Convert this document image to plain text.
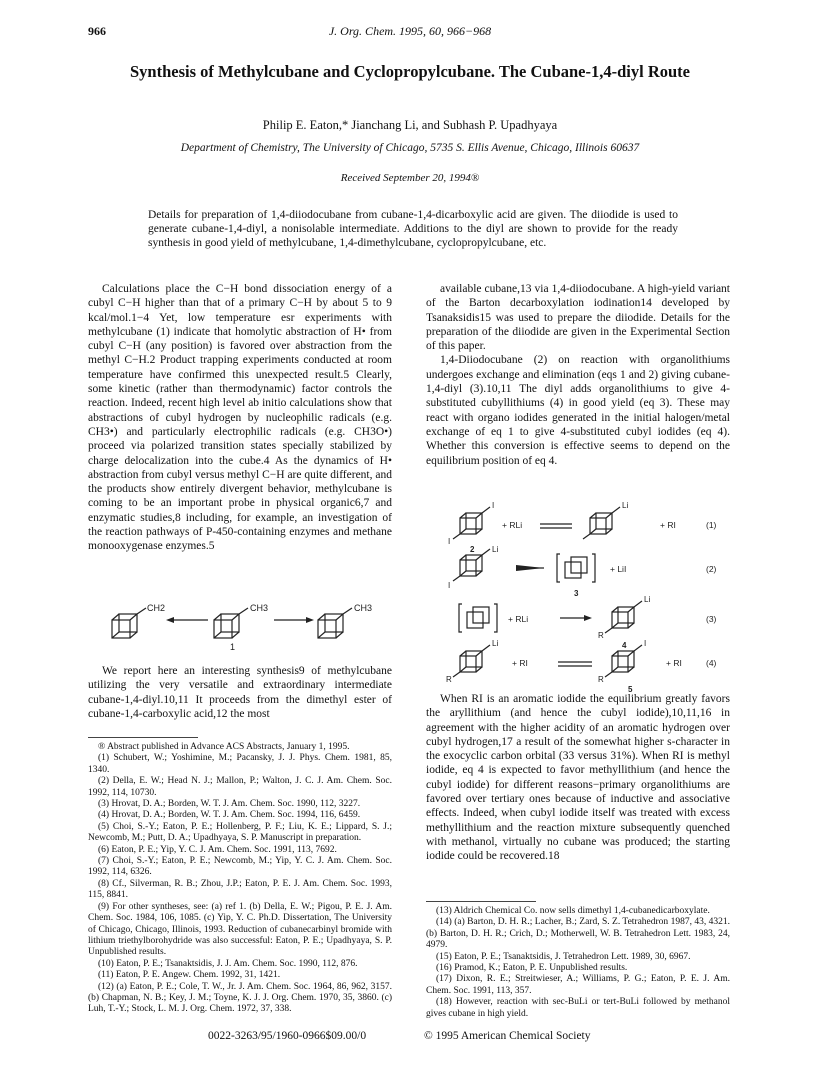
966	J. Org. Chem. 1995, 60, 966−968
Synthesis of Methylcubane and Cyclopropylcubane. The Cubane-1,4-diyl Route
Philip E. Eaton,* Jianchang Li, and Subhash P. Upadhyaya
Department of Chemistry, The University of Chicago, 5735 S. Ellis Avenue, Chicago, Illinois 60637
Received September 20, 1994®
Details for preparation of 1,4-diiodocubane from cubane-1,4-dicarboxylic acid are given. The diiodide is used to generate cubane-1,4-diyl, a nonisolable intermediate. Additions to the diyl are shown to provide for the ready synthesis in good yield of methylcubane, 1,4-dimethylcubane, cyclopropylcubane, etc.

Calculations place the C−H bond dissociation energy of a cubyl C−H higher than that of a primary C−H by about 5 to 9 kcal/mol.1−4 Yet, low temperature esr experiments with methylcubane (1) indicate that homolytic abstraction of H• from cubyl C−H (any position) is favored over abstraction from the methyl C−H.2 Product trapping experiments conducted at room temperature have confirmed this unexpected result.5 Clearly, some kinetic (rather than thermodynamic) factor controls the reaction. Indeed, recent high level ab initio calculations show that abstractions of cubyl hydrogen by nucleophilic radicals (e.g. CH3•) and particularly electrophilic radicals (e.g. CH3O•) proceed via polarized transition states specially stabilized by charge delocalization into the cube.4 As the dynamics of H• abstraction from cubyl versus methyl C−H are quite different, and the products show entirely divergent behavior, methylcubane is coming to be an important probe in physical organic6,7 and enzymatic studies,8 including, for example, an investigation of the reaction pathways of P-450-containing enzymes and methane monooxygenase enzymes.5

CH2	CH3
1
CH3

We report here an interesting synthesis9 of methylcubane utilizing the very versatile and extraordinary intermediate cubane-1,4-diyl.10,11 It proceeds from the dimethyl ester of cubane-1,4-carboxylic acid,12 the most

® Abstract published in Advance ACS Abstracts, January 1, 1995.
(1) Schubert, W.; Yoshimine, M.; Pacansky, J. J. Phys. Chem. 1981, 85, 1340.
(2) Della, E. W.; Head N. J.; Mallon, P.; Walton, J. C. J. Am. Chem. Soc. 1992, 114, 10730.
(3) Hrovat, D. A.; Borden, W. T. J. Am. Chem. Soc. 1990, 112, 3227.
(4) Hrovat, D. A.; Borden, W. T. J. Am. Chem. Soc. 1994, 116, 6459.
(5) Choi, S.-Y.; Eaton, P. E.; Hollenberg, P. F.; Liu, K. E.; Lippard, S. J.; Newcomb, M.; Putt, D. A.; Upadhyaya, S. P. Manuscript in preparation.
(6) Eaton, P. E.; Yip, Y. C. J. Am. Chem. Soc. 1991, 113, 7692.
(7) Choi, S.-Y.; Eaton, P. E.; Newcomb, M.; Yip, Y. C. J. Am. Chem. Soc. 1992, 114, 6326.
(8) Cf., Silverman, R. B.; Zhou, J.P.; Eaton, P. E. J. Am. Chem. Soc. 1993, 115, 8841.
(9) For other syntheses, see: (a) ref 1. (b) Della, E. W.; Pigou, P. E. J. Am. Chem. Soc. 1984, 106, 1085. (c) Yip, Y. C. Ph.D. Dissertation, The University of Chicago, Chicago, Illinois, 1993. Reduction of cubanecarbinyl bromide with lithium triethylborohydride was also successful: Eaton, P. E.; Upadhyaya, S. P. Unpublished results.
(10) Eaton, P. E.; Tsanaktsidis, J. J. Am. Chem. Soc. 1990, 112, 876.
(11) Eaton, P. E. Angew. Chem. 1992, 31, 1421.
(12) (a) Eaton, P. E.; Cole, T. W., Jr. J. Am. Chem. Soc. 1964, 86, 962, 3157. (b) Chapman, N. B.; Key, J. M.; Toyne, K. J. J. Org. Chem. 1970, 35, 3860. (c) Luh, T.-Y.; Stock, L. M. J. Org. Chem. 1972, 37, 338.

available cubane,13 via 1,4-diiodocubane. A high-yield variant of the Barton decarboxylation iodination14 developed by Tsanaksidis15 was used to prepare the diiodide. Details for the preparation of the diiodide are given in the Experimental Section of this paper.

1,4-Diiodocubane (2) on reaction with organolithiums undergoes exchange and elimination (eqs 1 and 2) giving cubane-1,4-diyl (3).10,11 The diyl adds organolithiums to give 4-substituted cubyllithiums (4) in good yield (eq 3). These may react with organo iodides generated in the initial halogen/metal exchange of eq 1 to give 4-substituted cubyl iodides (eq 4). Whether this conversion is effective seems to depend on the equilibrium position of eq 4.

I
I
+ RLi
Li
+ RI	(1)
2 Li
I
+ LiI	(2)
3
+ RLi
R
Li
(3)
4
R
Li
+ RI
R
I
+ RI	(4)
5

When RI is an aromatic iodide the equilibrium greatly favors the aryllithium (and hence the cubyl iodide),10,11,16 in agreement with the higher acidity of an aromatic hydrogen over cubyl hydrogen,17 a result of the somewhat higher s-character in the exocyclic carbon orbital (33 versus 31%). When RI is methyl iodide, eq 4 is expected to favor methyllithium (and hence the cubyl iodide) for different reasons−primary organolithiums are favored over tertiary ones because of inductive and associative effects. Indeed, when cubyl iodide itself was treated with excess methyllithium and the reaction mixture subsequently quenched with methanol, virtually no cubane was produced; the starting iodide could be recovered.18

(13) Aldrich Chemical Co. now sells dimethyl 1,4-cubanedicarboxylate.
(14) (a) Barton, D. H. R.; Lacher, B.; Zard, S. Z. Tetrahedron 1987, 43, 4321. (b) Barton, D. H. R.; Crich, D.; Motherwell, W. B. Tetrahedron Lett. 1983, 24, 4979.
(15) Eaton, P. E.; Tsanaktsidis, J. Tetrahedron Lett. 1989, 30, 6967.
(16) Pramod, K.; Eaton, P. E. Unpublished results.
(17) Dixon, R. E.; Streitwieser, A.; Williams, P. G.; Eaton, P. E. J. Am. Chem. Soc. 1991, 113, 357.
(18) However, reaction with sec-BuLi or tert-BuLi followed by methanol gives cubane in high yield.
0022-3263/95/1960-0966$09.00/0	© 1995 American Chemical Society
